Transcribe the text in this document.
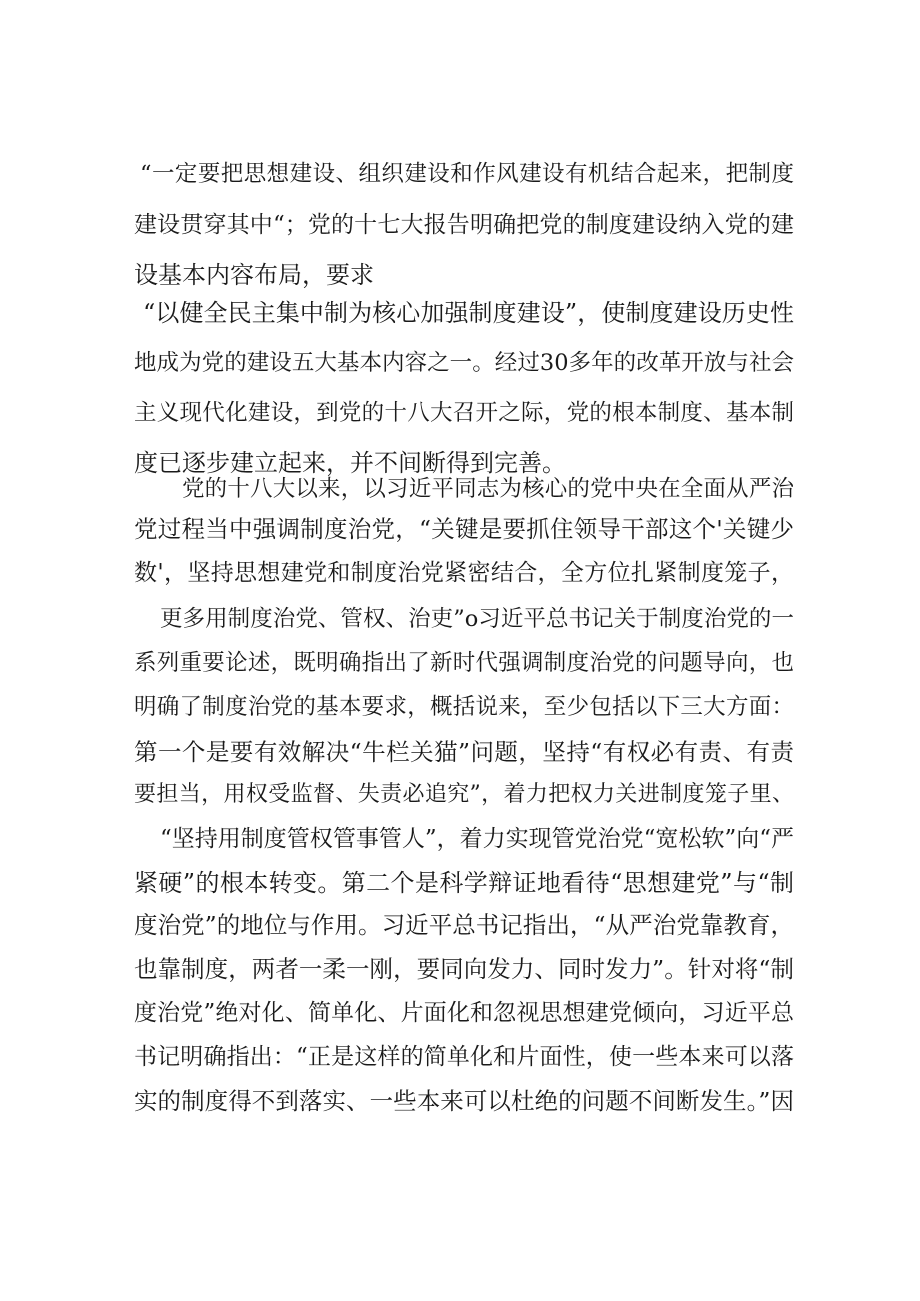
“一定要把思想建设、组织建设和作风建设有机结合起来，把制度
建设贯穿其中“；党的十七大报告明确把党的制度建设纳入党的建
设基本内容布局，要求
“以健全民主集中制为核心加强制度建设”，使制度建设历史性
地成为党的建设五大基本内容之一。经过30多年的改革开放与社会
主义现代化建设，到党的十八大召开之际，党的根本制度、基本制
度已逐步建立起来，并不间断得到完善。
党的十八大以来，以习近平同志为核心的党中央在全面从严治
党过程当中强调制度治党，“关键是要抓住领导干部这个'关键少
数'，坚持思想建党和制度治党紧密结合，全方位扎紧制度笼子，
更多用制度治党、管权、治吏”o习近平总书记关于制度治党的一
系列重要论述，既明确指出了新时代强调制度治党的问题导向，也
明确了制度治党的基本要求，概括说来，至少包括以下三大方面：
第一个是要有效解决“牛栏关猫”问题，坚持“有权必有责、有责
要担当，用权受监督、失责必追究”，着力把权力关进制度笼子里、
“坚持用制度管权管事管人”，着力实现管党治党“宽松软”向“严
紧硬”的根本转变。第二个是科学辩证地看待“思想建党”与“制
度治党”的地位与作用。习近平总书记指出，“从严治党靠教育，
也靠制度，两者一柔一刚，要同向发力、同时发力”。针对将“制
度治党”绝对化、简单化、片面化和忽视思想建党倾向，习近平总
书记明确指出：“正是这样的简单化和片面性，使一些本来可以落
实的制度得不到落实、一些本来可以杜绝的问题不间断发生。”因
